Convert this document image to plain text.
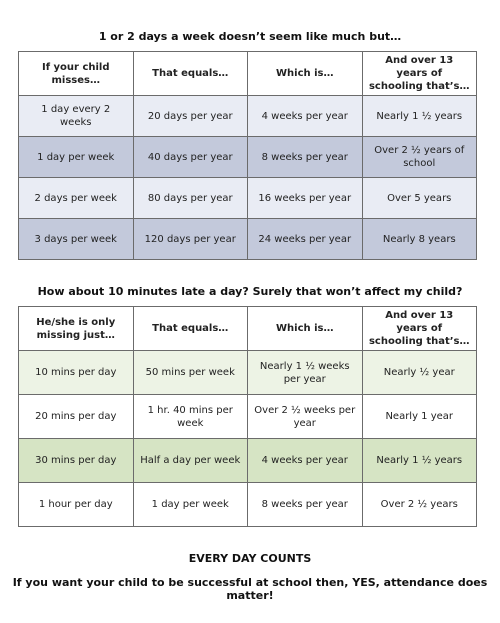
1 or 2 days a week doesn’t seem like much but…
If your child misses…	That equals…	Which is…	And over 13 years of schooling that’s…
1 day every 2 weeks	20 days per year	4 weeks per year	Nearly 1 ½ years
1 day per week	40 days per year	8 weeks per year	Over 2 ½ years of school
2 days per week	80 days per year	16 weeks per year	Over 5 years
3 days per week	120 days per year	24 weeks per year	Nearly 8 years
How about 10 minutes late a day? Surely that won’t affect my child?
He/she is only missing just…	That equals…	Which is…	And over 13 years of schooling that’s…
10 mins per day	50 mins per week	Nearly 1 ½ weeks per year	Nearly ½ year
20 mins per day	1 hr. 40 mins per week	Over 2 ½ weeks per year	Nearly 1 year
30 mins per day	Half a day per week	4 weeks per year	Nearly 1 ½ years
1 hour per day	1 day per week	8 weeks per year	Over 2 ½ years
EVERY DAY COUNTS
If you want your child to be successful at school then, YES, attendance does matter!
